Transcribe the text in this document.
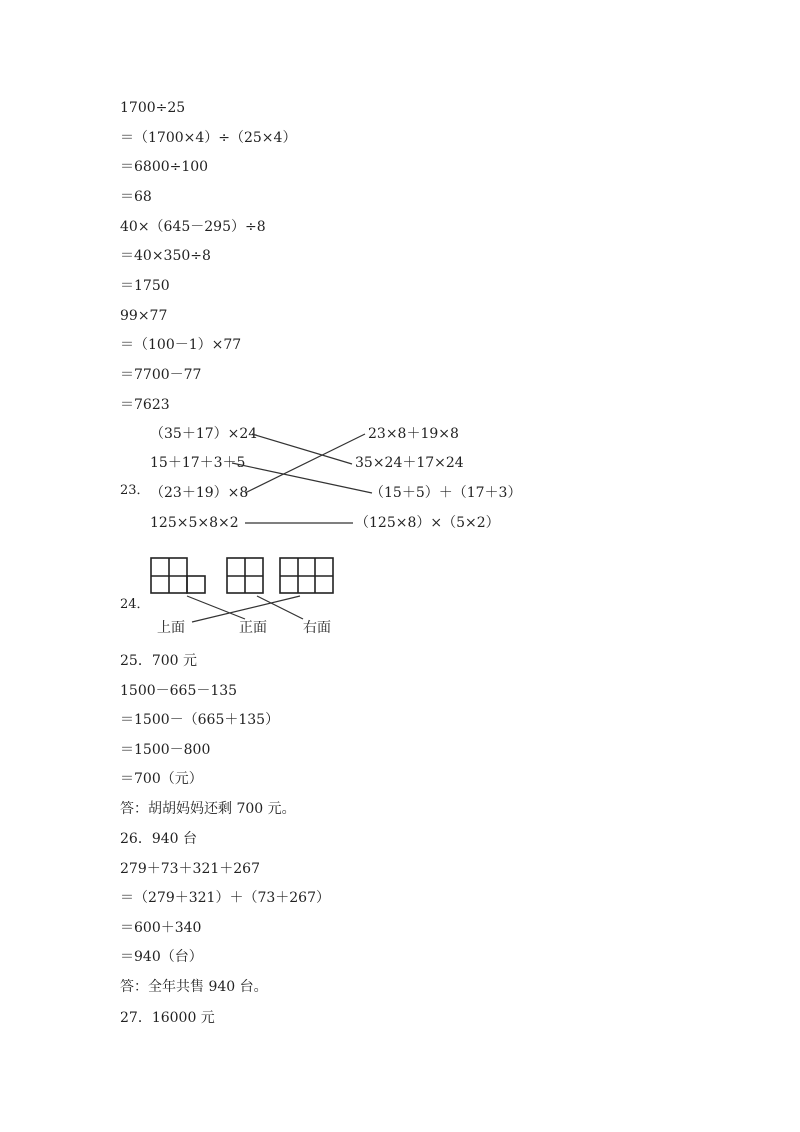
1700÷25
＝（1700×4）÷（25×4）
＝6800÷100
＝68
40×（645－295）÷8
＝40×350÷8
＝1750
99×77
＝（100－1）×77
＝7700－77
＝7623
23．
（35＋17）×24
15＋17＋3＋5
（23＋19）×8
125×5×8×2
23×8＋19×8
35×24＋17×24
（15＋5）＋（17＋3）
（125×8）×（5×2）
24．
上面	正面	右面
25．700 元
1500－665－135
＝1500－（665＋135）
＝1500－800
＝700（元）
答：胡胡妈妈还剩 700 元。
26．940 台
279＋73＋321＋267
＝（279＋321）＋（73＋267）
＝600＋340
＝940（台）
答：全年共售 940 台。
27．16000 元
